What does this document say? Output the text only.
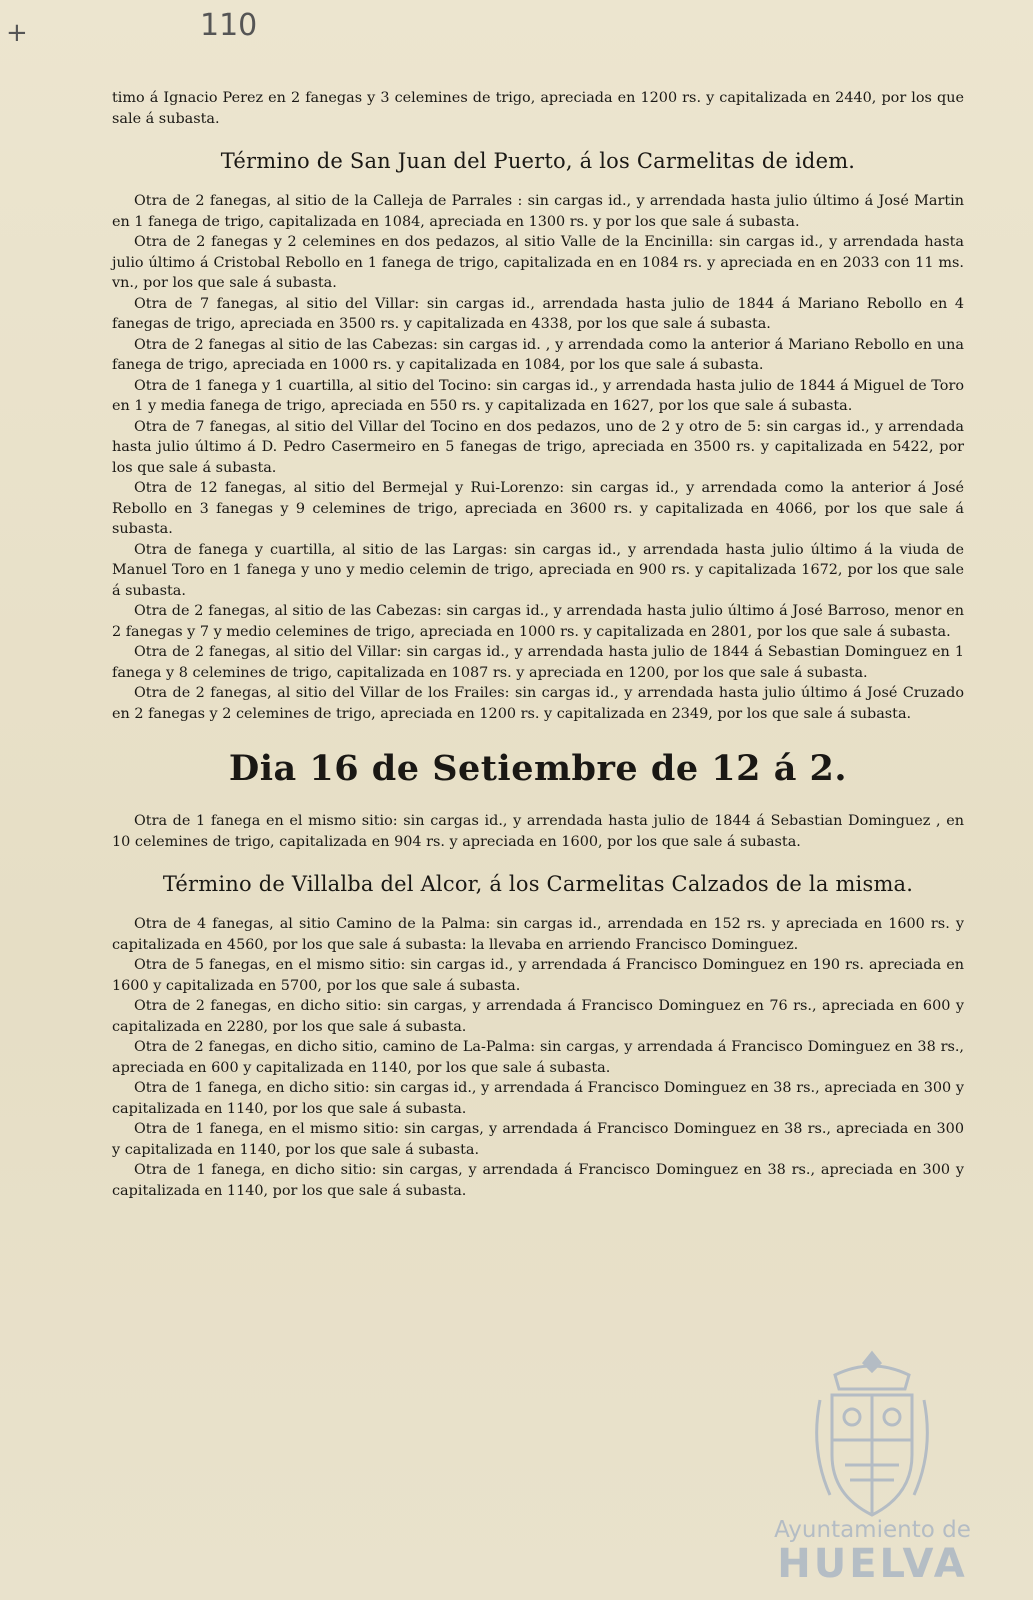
+	110

timo á Ignacio Perez en 2 fanegas y 3 celemines de trigo, apreciada en 1200 rs. y capitalizada en 2440, por los que sale á subasta.

Término de San Juan del Puerto, á los Carmelitas de idem.

Otra de 2 fanegas, al sitio de la Calleja de Parrales : sin cargas id., y arrendada hasta julio último á José Martin en 1 fanega de trigo, capitalizada en 1084, apreciada en 1300 rs. y por los que sale á subasta.

Otra de 2 fanegas y 2 celemines en dos pedazos, al sitio Valle de la Encinilla: sin cargas id., y arrendada hasta julio último á Cristobal Rebollo en 1 fanega de trigo, capitalizada en en 1084 rs. y apreciada en en 2033 con 11 ms. vn., por los que sale á subasta.

Otra de 7 fanegas, al sitio del Villar: sin cargas id., arrendada hasta julio de 1844 á Mariano Rebollo en 4 fanegas de trigo, apreciada en 3500 rs. y capitalizada en 4338, por los que sale á subasta.

Otra de 2 fanegas al sitio de las Cabezas: sin cargas id. , y arrendada como la anterior á Mariano Rebollo en una fanega de trigo, apreciada en 1000 rs. y capitalizada en 1084, por los que sale á subasta.

Otra de 1 fanega y 1 cuartilla, al sitio del Tocino: sin cargas id., y arrendada hasta julio de 1844 á Miguel de Toro en 1 y media fanega de trigo, apreciada en 550 rs. y capitalizada en 1627, por los que sale á subasta.

Otra de 7 fanegas, al sitio del Villar del Tocino en dos pedazos, uno de 2 y otro de 5: sin cargas id., y arrendada hasta julio último á D. Pedro Casermeiro en 5 fanegas de trigo, apreciada en 3500 rs. y capitalizada en 5422, por los que sale á subasta.

Otra de 12 fanegas, al sitio del Bermejal y Rui-Lorenzo: sin cargas id., y arrendada como la anterior á José Rebollo en 3 fanegas y 9 celemines de trigo, apreciada en 3600 rs. y capitalizada en 4066, por los que sale á subasta.

Otra de fanega y cuartilla, al sitio de las Largas: sin cargas id., y arrendada hasta julio último á la viuda de Manuel Toro en 1 fanega y uno y medio celemin de trigo, apreciada en 900 rs. y capitalizada 1672, por los que sale á subasta.

Otra de 2 fanegas, al sitio de las Cabezas: sin cargas id., y arrendada hasta julio último á José Barroso, menor en 2 fanegas y 7 y medio celemines de trigo, apreciada en 1000 rs. y capitalizada en 2801, por los que sale á subasta.

Otra de 2 fanegas, al sitio del Villar: sin cargas id., y arrendada hasta julio de 1844 á Sebastian Dominguez en 1 fanega y 8 celemines de trigo, capitalizada en 1087 rs. y apreciada en 1200, por los que sale á subasta.

Otra de 2 fanegas, al sitio del Villar de los Frailes: sin cargas id., y arrendada hasta julio último á José Cruzado en 2 fanegas y 2 celemines de trigo, apreciada en 1200 rs. y capitalizada en 2349, por los que sale á subasta.

Dia 16 de Setiembre de 12 á 2.

Otra de 1 fanega en el mismo sitio: sin cargas id., y arrendada hasta julio de 1844 á Sebastian Dominguez , en 10 celemines de trigo, capitalizada en 904 rs. y apreciada en 1600, por los que sale á subasta.

Término de Villalba del Alcor, á los Carmelitas Calzados de la misma.

Otra de 4 fanegas, al sitio Camino de la Palma: sin cargas id., arrendada en 152 rs. y apreciada en 1600 rs. y capitalizada en 4560, por los que sale á subasta: la llevaba en arriendo Francisco Dominguez.

Otra de 5 fanegas, en el mismo sitio: sin cargas id., y arrendada á Francisco Dominguez en 190 rs. apreciada en 1600 y capitalizada en 5700, por los que sale á subasta.

Otra de 2 fanegas, en dicho sitio: sin cargas, y arrendada á Francisco Dominguez en 76 rs., apreciada en 600 y capitalizada en 2280, por los que sale á subasta.

Otra de 2 fanegas, en dicho sitio, camino de La-Palma: sin cargas, y arrendada á Francisco Dominguez en 38 rs., apreciada en 600 y capitalizada en 1140, por los que sale á subasta.

Otra de 1 fanega, en dicho sitio: sin cargas id., y arrendada á Francisco Dominguez en 38 rs., apreciada en 300 y capitalizada en 1140, por los que sale á subasta.

Otra de 1 fanega, en el mismo sitio: sin cargas, y arrendada á Francisco Dominguez en 38 rs., apreciada en 300 y capitalizada en 1140, por los que sale á subasta.

Otra de 1 fanega, en dicho sitio: sin cargas, y arrendada á Francisco Dominguez en 38 rs., apreciada en 300 y capitalizada en 1140, por los que sale á subasta.

Ayuntamiento de
HUELVA
